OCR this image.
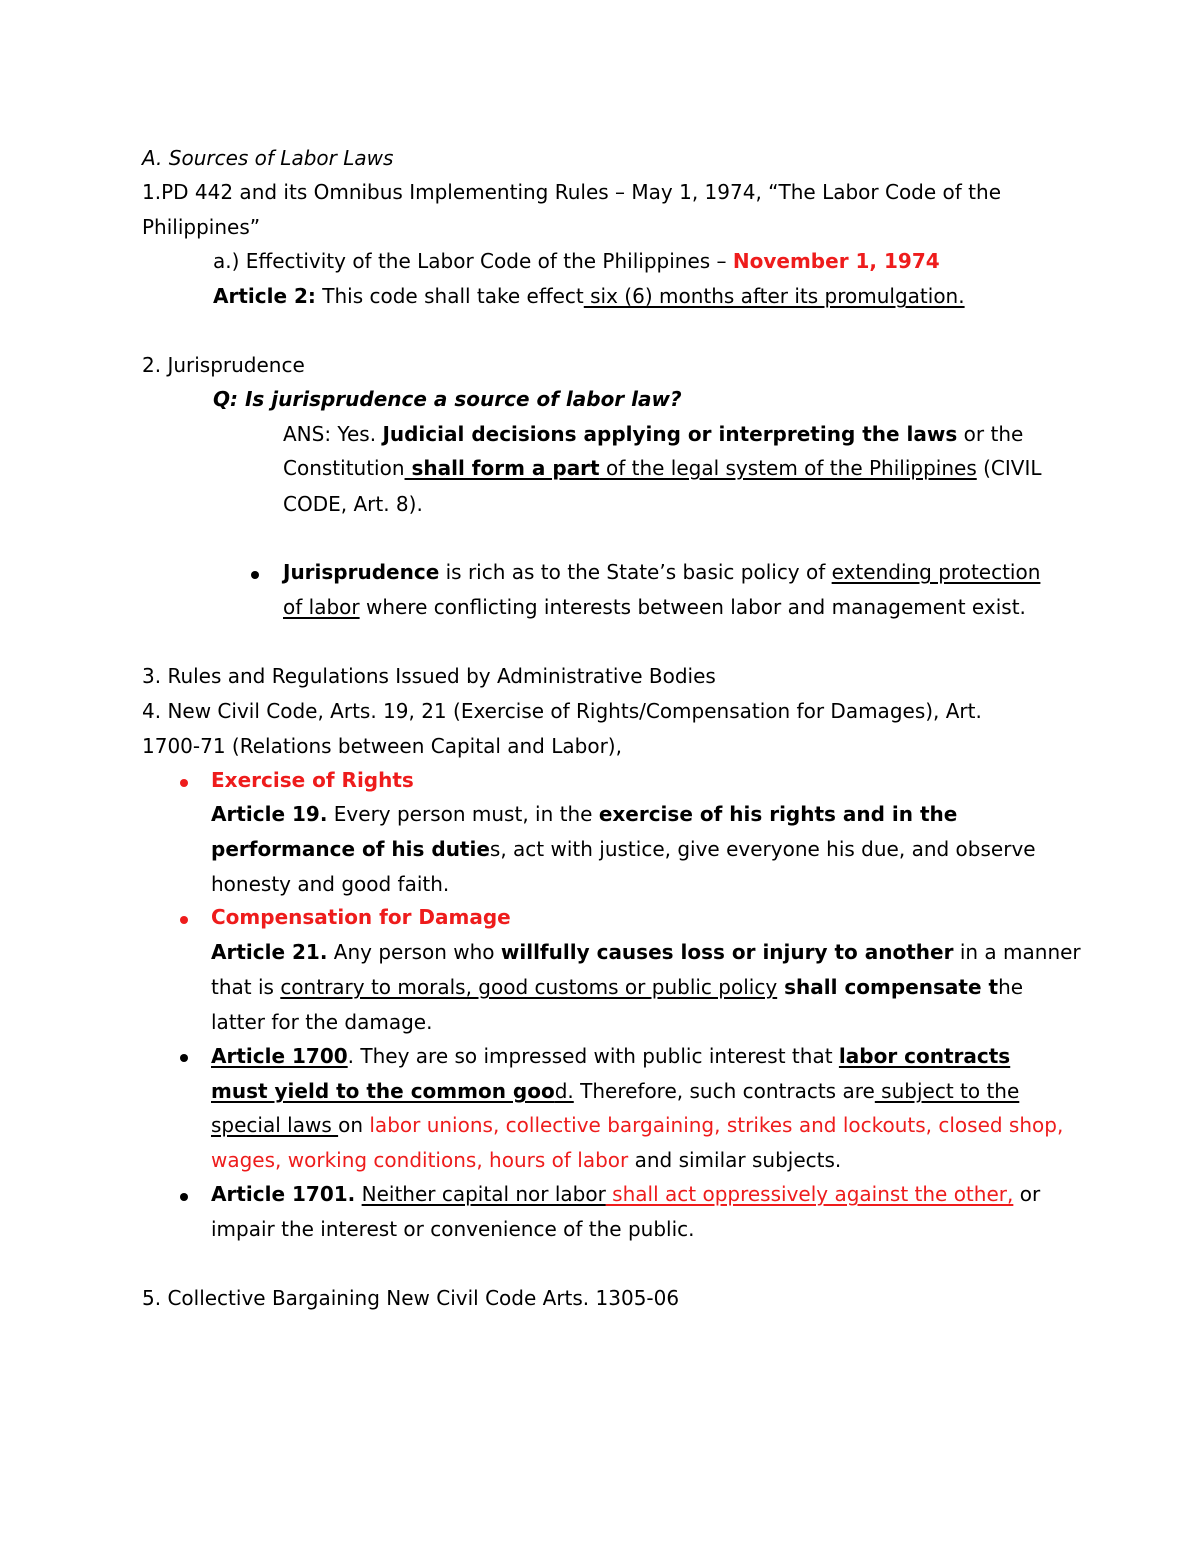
A. Sources of Labor Laws
1.PD 442 and its Omnibus Implementing Rules – May 1, 1974, “The Labor Code of the
Philippines”
a.) Effectivity of the Labor Code of the Philippines – November 1, 1974
Article 2: This code shall take effect six (6) months after its promulgation.
2. Jurisprudence
Q: Is jurisprudence a source of labor law?
ANS: Yes. Judicial decisions applying or interpreting the laws or the
Constitution shall form a part of the legal system of the Philippines (CIVIL
CODE, Art. 8).
Jurisprudence is rich as to the State’s basic policy of extending protection
of labor where conflicting interests between labor and management exist.
3. Rules and Regulations Issued by Administrative Bodies
4. New Civil Code, Arts. 19, 21 (Exercise of Rights/Compensation for Damages), Art.
1700-71 (Relations between Capital and Labor),
Exercise of Rights
Article 19. Every person must, in the exercise of his rights and in the
performance of his duties, act with justice, give everyone his due, and observe
honesty and good faith.
Compensation for Damage
Article 21. Any person who willfully causes loss or injury to another in a manner
that is contrary to morals, good customs or public policy shall compensate the
latter for the damage.
Article 1700. They are so impressed with public interest that labor contracts
must yield to the common good. Therefore, such contracts are subject to the
special laws on labor unions, collective bargaining, strikes and lockouts, closed shop,
wages, working conditions, hours of labor and similar subjects.
Article 1701. Neither capital nor labor shall act oppressively against the other, or
impair the interest or convenience of the public.
5. Collective Bargaining New Civil Code Arts. 1305-06
